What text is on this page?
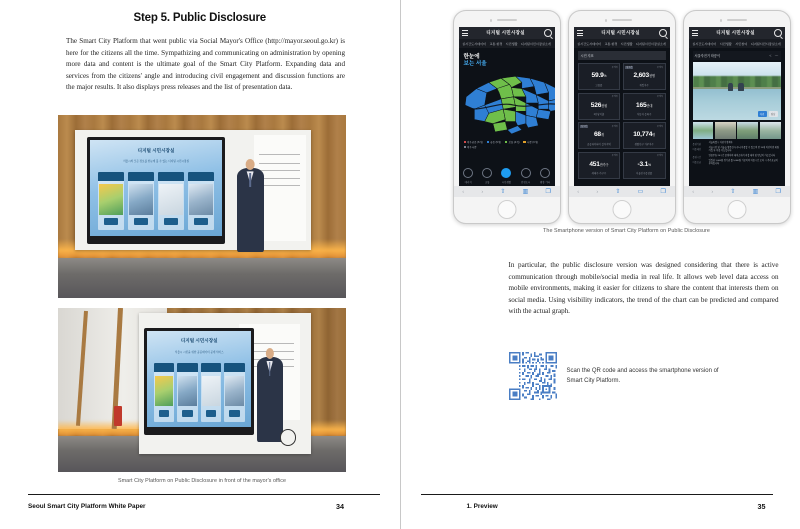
Step 5. Public Disclosure
The Smart City Platform that went public via Social Mayor's Office (http://mayor.seoul.go.kr) is here for the citizens all the time. Sympathizing and communicating on administration by opening more data and content is the ultimate goal of the Smart City Platform. Expanding data and services from the citizens' angle and introducing civil engagement and discussion functions are the major results. It also displays press releases and the list of presentation data.
디지털 시민시장실
서울시의 모든 정보를 한눈에 볼 수 있는 디지털 시민시장실
디지털 시민시장실
서울시 시민을 위한 공공데이터 공개 서비스
Smart City Platform on Public Disclosure in front of the mayor's office
Seoul Smart City Platform White Paper	34
디지털 시민시장실
실시간도시데이터 교통·환경 시민생활 디지털시민시장실소개
한눈에
보는 서울
매우좋음 (6개)	좋음 (9개)	보통 (4개)	나쁨 (3개)
매우나쁨
에너지	교통	시민생활	안전도시	행정·기타
‹	›	⇧	▥	❐
디지털 시민시장실
실시간도시데이터 교통·환경 시민생활 디지털시민시장실소개
시민 지표
통계청
59.9%
고용률
실시간	통계청
2,603천명
취업자수
통계청
526천원
1인당지출
통계청
165만대
자동차 등록수
실시간	통계청
68개
공공와이파이 설치지역
통계청
10,774명
생활인구 거주자수
통계청
451만가구
세대수·가구수
통계청
-3.1%
서울인구증감률
‹	›	⇧	▭	❐
디지털 시민시장실
실시간도시데이터 시민생활 시민참여 디지털시민시장실소개
서울자전거 따릉이	< ⋯
사진	영상
운영기관
서울특별시 자전거정책과
이용대상
서울시민 및 서울을 방문한 누구나 이용할 수 있으며 만 15세 이상이면 회원가입 후 이용 가능합니다
운영시간
연중무휴 24시간 운영하며 대여소에서 직접 대여 및 반납이 가능합니다
이용요금
일일권 1,000원 정기권 월 5,000원 기준이며 이용시간 초과 시 추가요금이 부과됩니다
‹	›	⇧	▥	❐
The Smartphone version of Smart City Platform on Public Disclosure
In particular, the public disclosure version was designed considering that there is active communication through mobile/social media in real life. It allows web level data access on mobile environments, making it easier for citizens to share the content that interests them on social media. Using visibility indicators, the trend of the chart can be predicted and compared with the actual graph.
Scan the QR code and access the smartphone version of
Smart City Platform.
1. Preview	35
